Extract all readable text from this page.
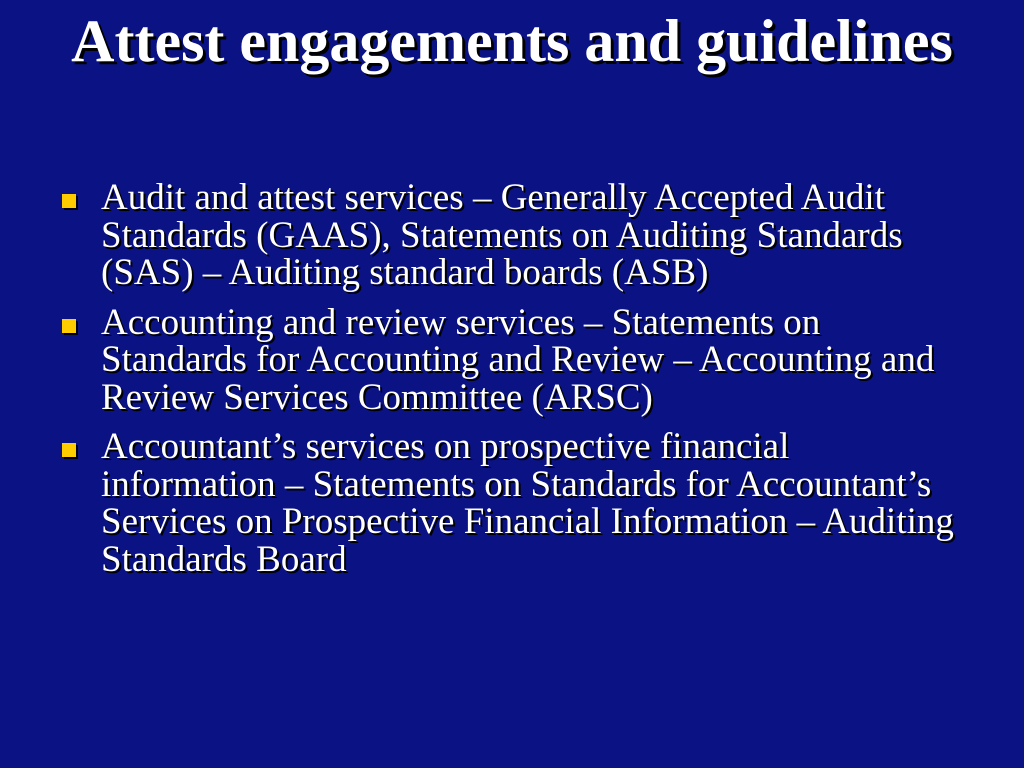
Attest engagements and guidelines
Audit and attest services – Generally Accepted Audit Standards (GAAS), Statements on Auditing Standards (SAS) – Auditing standard boards (ASB)
Accounting and review services – Statements on Standards for Accounting and Review – Accounting and Review Services Committee (ARSC)
Accountant’s services on prospective financial information – Statements on Standards for Accountant’s Services on Prospective Financial Information – Auditing Standards Board
